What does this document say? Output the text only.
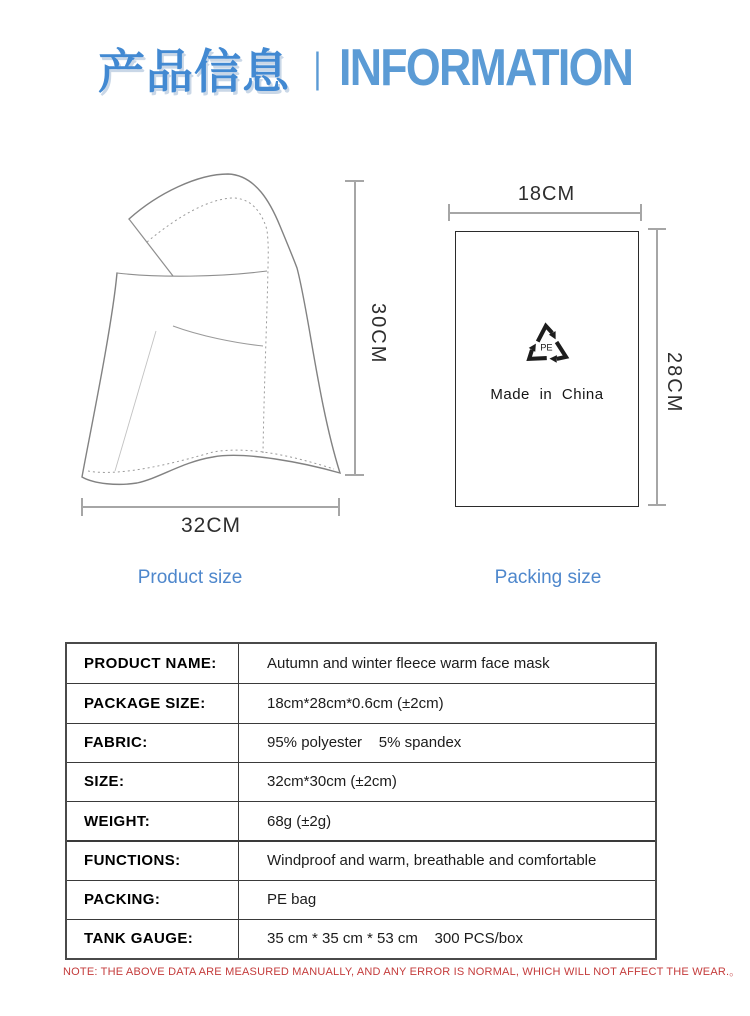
产品信息 | INFORMATION
30CM
32CM
18CM
PE
Made in China	28CM
Product size	Packing size
PRODUCT NAME:	Autumn and winter fleece warm face mask
PACKAGE SIZE:	18cm*28cm*0.6cm (±2cm)
FABRIC:	95% polyester    5% spandex
SIZE:	32cm*30cm (±2cm)
WEIGHT:	68g (±2g)
FUNCTIONS:	Windproof and warm, breathable and comfortable
PACKING:	PE bag
TANK GAUGE:	35 cm * 35 cm * 53 cm    300 PCS/box
NOTE: THE ABOVE DATA ARE MEASURED MANUALLY, AND ANY ERROR IS NORMAL, WHICH WILL NOT AFFECT THE WEAR.。
